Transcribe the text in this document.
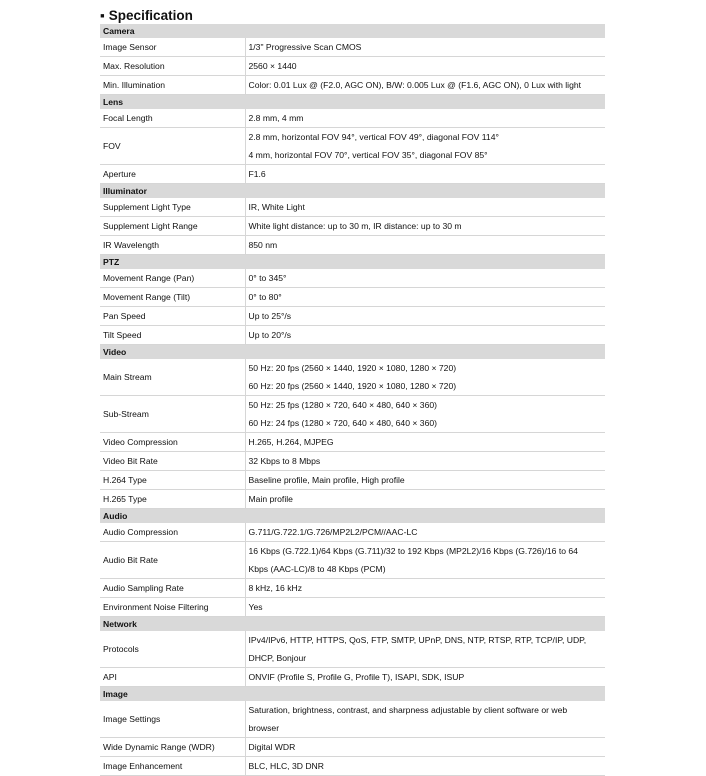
▪ Specification
Camera	
Image Sensor	1/3" Progressive Scan CMOS

Max. Resolution	2560 × 1440

Min. Illumination	Color: 0.01 Lux @ (F2.0, AGC ON), B/W: 0.005 Lux @ (F1.6, AGC ON), 0 Lux with light

Lens	
Focal Length	2.8 mm, 4 mm

FOV	2.8 mm, horizontal FOV 94°, vertical FOV 49°, diagonal FOV 114°
4 mm, horizontal FOV 70°, vertical FOV 35°, diagonal FOV 85°

Aperture	F1.6

Illuminator	
Supplement Light Type	IR, White Light

Supplement Light Range	White light distance: up to 30 m, IR distance: up to 30 m

IR Wavelength	850 nm

PTZ	
Movement Range (Pan)	0° to 345°

Movement Range (Tilt)	0° to 80°

Pan Speed	Up to 25°/s

Tilt Speed	Up to 20°/s

Video	
Main Stream	50 Hz: 20 fps (2560 × 1440, 1920 × 1080, 1280 × 720)
60 Hz: 20 fps (2560 × 1440, 1920 × 1080, 1280 × 720)

Sub-Stream	50 Hz: 25 fps (1280 × 720, 640 × 480, 640 × 360)
60 Hz: 24 fps (1280 × 720, 640 × 480, 640 × 360)

Video Compression	H.265, H.264, MJPEG

Video Bit Rate	32 Kbps to 8 Mbps

H.264 Type	Baseline profile, Main profile, High profile

H.265 Type	Main profile

Audio	
Audio Compression	G.711/G.722.1/G.726/MP2L2/PCM//AAC-LC

Audio Bit Rate	16 Kbps (G.722.1)/64 Kbps (G.711)/32 to 192 Kbps (MP2L2)/16 Kbps (G.726)/16 to 64
Kbps (AAC-LC)/8 to 48 Kbps (PCM)

Audio Sampling Rate	8 kHz, 16 kHz

Environment Noise Filtering	Yes

Network	
Protocols	IPv4/IPv6, HTTP, HTTPS, QoS, FTP, SMTP, UPnP, DNS, NTP, RTSP, RTP, TCP/IP, UDP,
DHCP, Bonjour

API	ONVIF (Profile S, Profile G, Profile T), ISAPI, SDK, ISUP

Image	
Image Settings	Saturation, brightness, contrast, and sharpness adjustable by client software or web
browser

Wide Dynamic Range (WDR)	Digital WDR

Image Enhancement	BLC, HLC, 3D DNR
